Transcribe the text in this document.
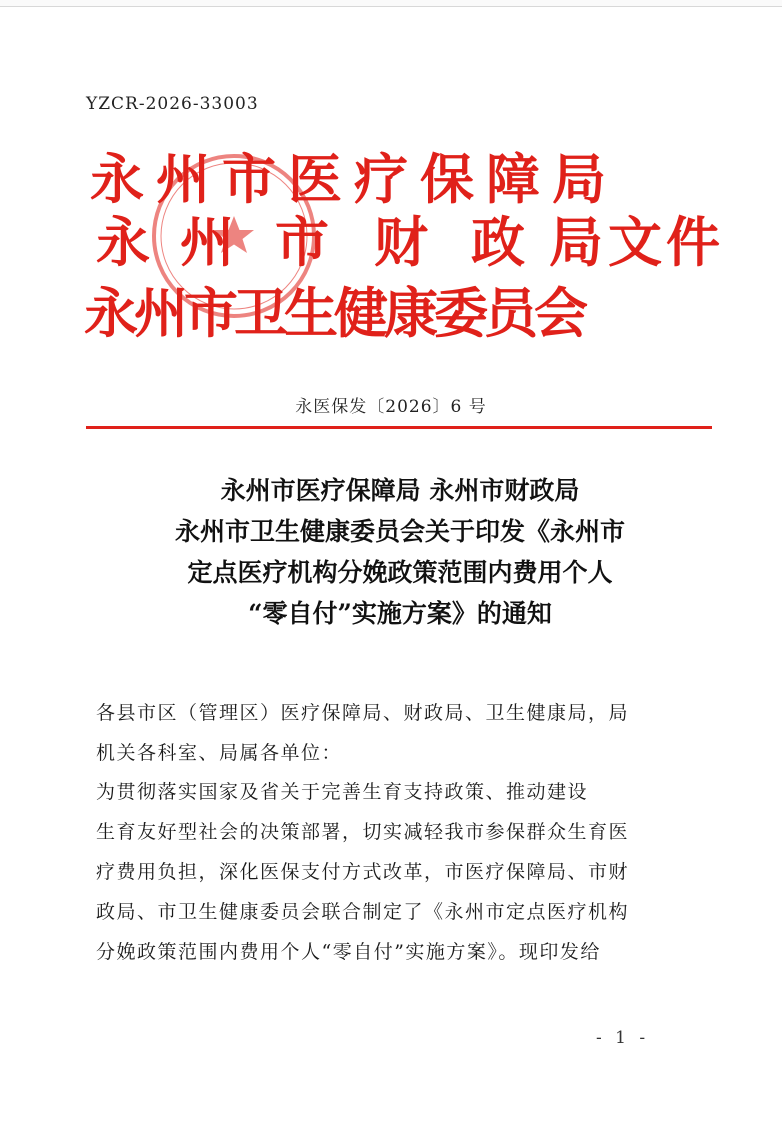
YZCR-2026-33003
永 州 市 医 疗 保 障 局
永 州 市 财 政 局文件
永州市卫生健康委员会
永医保发〔2026〕6 号
永州市医疗保障局 永州市财政局
永州市卫生健康委员会关于印发《永州市
定点医疗机构分娩政策范围内费用个人
“零自付”实施方案》的通知
各县市区（管理区）医疗保障局、财政局、卫生健康局，局
机关各科室、局属各单位：
为贯彻落实国家及省关于完善生育支持政策、推动建设
生育友好型社会的决策部署，切实减轻我市参保群众生育医
疗费用负担，深化医保支付方式改革，市医疗保障局、市财
政局、市卫生健康委员会联合制定了《永州市定点医疗机构
分娩政策范围内费用个人“零自付”实施方案》。现印发给
- 1 -
